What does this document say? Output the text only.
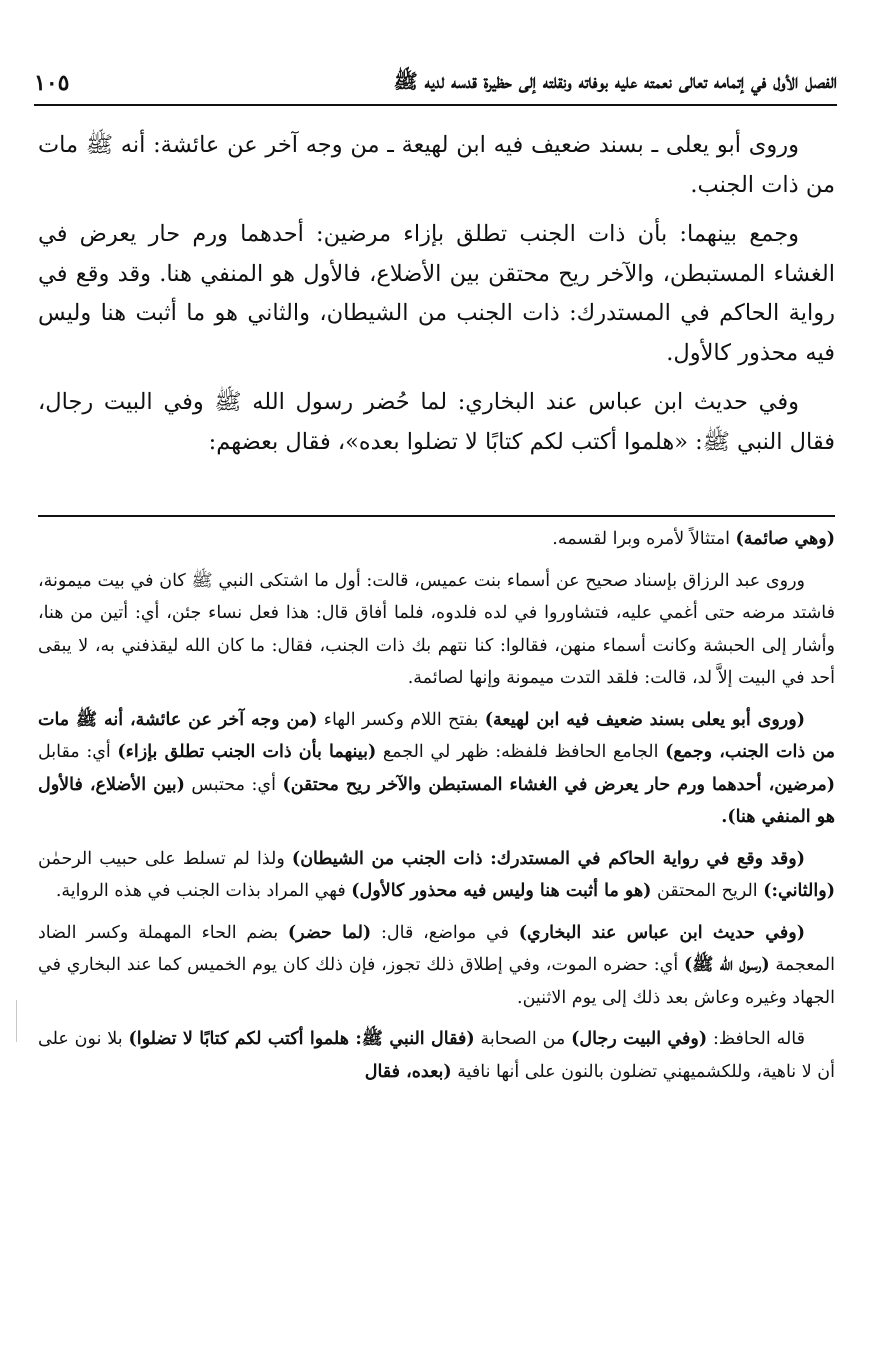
الفصل الأول في إتمامه تعالى نعمته عليه بوفاته ونقلته إلى حظيرة قدسه لديه ﷺ
١٠٥

وروى أبو يعلى ـ بسند ضعيف فيه ابن لهيعة ـ من وجه آخر عن عائشة: أنه ﷺ مات من ذات الجنب.

وجمع بينهما: بأن ذات الجنب تطلق بإزاء مرضين: أحدهما ورم حار يعرض في الغشاء المستبطن، والآخر ريح محتقن بين الأضلاع، فالأول هو المنفي هنا. وقد وقع في رواية الحاكم في المستدرك: ذات الجنب من الشيطان، والثاني هو ما أثبت هنا وليس فيه محذور كالأول.

وفي حديث ابن عباس عند البخاري: لما حُضر رسول الله ﷺ وفي البيت رجال، فقال النبي ﷺ: «هلموا أكتب لكم كتابًا لا تضلوا بعده»، فقال بعضهم:

(وهي صائمة) امتثالاً لأمره وبرا لقسمه.

وروى عبد الرزاق بإسناد صحيح عن أسماء بنت عميس، قالت: أول ما اشتكى النبي ﷺ كان في بيت ميمونة، فاشتد مرضه حتى أغمي عليه، فتشاوروا في لده فلدوه، فلما أفاق قال: هذا فعل نساء جئن، أي: أتين من هنا، وأشار إلى الحبشة وكانت أسماء منهن، فقالوا: كنا نتهم بك ذات الجنب، فقال: ما كان الله ليقذفني به، لا يبقى أحد في البيت إلاَّ لد، قالت: فلقد التدت ميمونة وإنها لصائمة.

(وروى أبو يعلى بسند ضعيف فيه ابن لهيعة) بفتح اللام وكسر الهاء (من وجه آخر عن عائشة، أنه ﷺ مات من ذات الجنب، وجمع) الجامع الحافظ فلفظه: ظهر لي الجمع (بينهما بأن ذات الجنب تطلق بإزاء) أي: مقابل (مرضين، أحدهما ورم حار يعرض في الغشاء المستبطن والآخر ريح محتقن) أي: محتبس (بين الأضلاع، فالأول هو المنفي هنا).

(وقد وقع في رواية الحاكم في المستدرك: ذات الجنب من الشيطان) ولذا لم تسلط على حبيب الرحمٰن (والثاني:) الريح المحتقن (هو ما أثبت هنا وليس فيه محذور كالأول) فهي المراد بذات الجنب في هذه الرواية.

(وفي حديث ابن عباس عند البخاري) في مواضع، قال: (لما حضر) بضم الحاء المهملة وكسر الضاد المعجمة (رسول الله ﷺ) أي: حضره الموت، وفي إطلاق ذلك تجوز، فإن ذلك كان يوم الخميس كما عند البخاري في الجهاد وغيره وعاش بعد ذلك إلى يوم الاثنين.

قاله الحافظ: (وفي البيت رجال) من الصحابة (فقال النبي ﷺ: هلموا أكتب لكم كتابًا لا تضلوا) بلا نون على أن لا ناهية، وللكشميهني تضلون بالنون على أنها نافية (بعده، فقال
